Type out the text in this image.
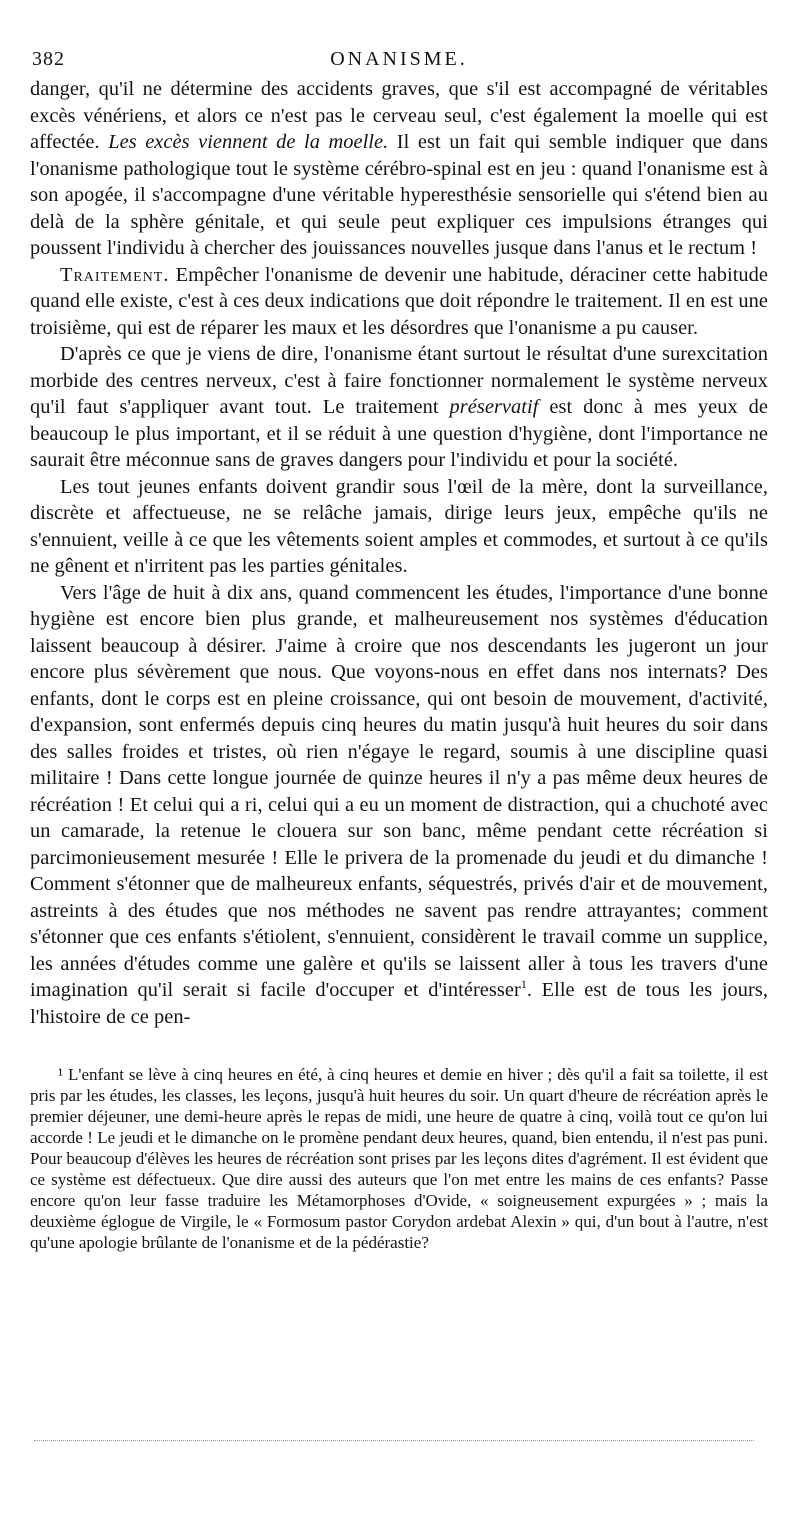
382	ONANISME.

danger, qu'il ne détermine des accidents graves, que s'il est accompagné de véritables excès vénériens, et alors ce n'est pas le cerveau seul, c'est également la moelle qui est affectée. Les excès viennent de la moelle. Il est un fait qui semble indiquer que dans l'onanisme pathologique tout le système cérébro-spinal est en jeu : quand l'onanisme est à son apogée, il s'accompagne d'une véritable hyperesthésie sensorielle qui s'étend bien au delà de la sphère génitale, et qui seule peut expliquer ces impulsions étranges qui poussent l'individu à chercher des jouissances nouvelles jusque dans l'anus et le rectum !

Traitement. Empêcher l'onanisme de devenir une habitude, déraciner cette habitude quand elle existe, c'est à ces deux indications que doit répondre le traitement. Il en est une troisième, qui est de réparer les maux et les désordres que l'onanisme a pu causer.

D'après ce que je viens de dire, l'onanisme étant surtout le résultat d'une surexcitation morbide des centres nerveux, c'est à faire fonctionner normalement le système nerveux qu'il faut s'appliquer avant tout. Le traitement préservatif est donc à mes yeux de beaucoup le plus important, et il se réduit à une question d'hygiène, dont l'importance ne saurait être méconnue sans de graves dangers pour l'individu et pour la société.

Les tout jeunes enfants doivent grandir sous l'œil de la mère, dont la surveillance, discrète et affectueuse, ne se relâche jamais, dirige leurs jeux, empêche qu'ils ne s'ennuient, veille à ce que les vêtements soient amples et commodes, et surtout à ce qu'ils ne gênent et n'irritent pas les parties génitales.

Vers l'âge de huit à dix ans, quand commencent les études, l'importance d'une bonne hygiène est encore bien plus grande, et malheureusement nos systèmes d'éducation laissent beaucoup à désirer. J'aime à croire que nos descendants les jugeront un jour encore plus sévèrement que nous. Que voyons-nous en effet dans nos internats? Des enfants, dont le corps est en pleine croissance, qui ont besoin de mouvement, d'activité, d'expansion, sont enfermés depuis cinq heures du matin jusqu'à huit heures du soir dans des salles froides et tristes, où rien n'égaye le regard, soumis à une discipline quasi militaire ! Dans cette longue journée de quinze heures il n'y a pas même deux heures de récréation ! Et celui qui a ri, celui qui a eu un moment de distraction, qui a chuchoté avec un camarade, la retenue le clouera sur son banc, même pendant cette récréation si parcimonieusement mesurée ! Elle le privera de la promenade du jeudi et du dimanche ! Comment s'étonner que de malheureux enfants, séquestrés, privés d'air et de mouvement, astreints à des études que nos méthodes ne savent pas rendre attrayantes; comment s'étonner que ces enfants s'étiolent, s'ennuient, considèrent le travail comme un supplice, les années d'études comme une galère et qu'ils se laissent aller à tous les travers d'une imagination qu'il serait si facile d'occuper et d'intéresser$^1$. Elle est de tous les jours, l'histoire de ce pen-

¹ L'enfant se lève à cinq heures en été, à cinq heures et demie en hiver ; dès qu'il a fait sa toilette, il est pris par les études, les classes, les leçons, jusqu'à huit heures du soir. Un quart d'heure de récréation après le premier déjeuner, une demi-heure après le repas de midi, une heure de quatre à cinq, voilà tout ce qu'on lui accorde ! Le jeudi et le dimanche on le promène pendant deux heures, quand, bien entendu, il n'est pas puni. Pour beaucoup d'élèves les heures de récréation sont prises par les leçons dites d'agrément. Il est évident que ce système est défectueux. Que dire aussi des auteurs que l'on met entre les mains de ces enfants? Passe encore qu'on leur fasse traduire les Métamorphoses d'Ovide, « soigneusement expurgées » ; mais la deuxième églogue de Virgile, le « Formosum pastor Corydon ardebat Alexin » qui, d'un bout à l'autre, n'est qu'une apologie brûlante de l'onanisme et de la pédérastie?
